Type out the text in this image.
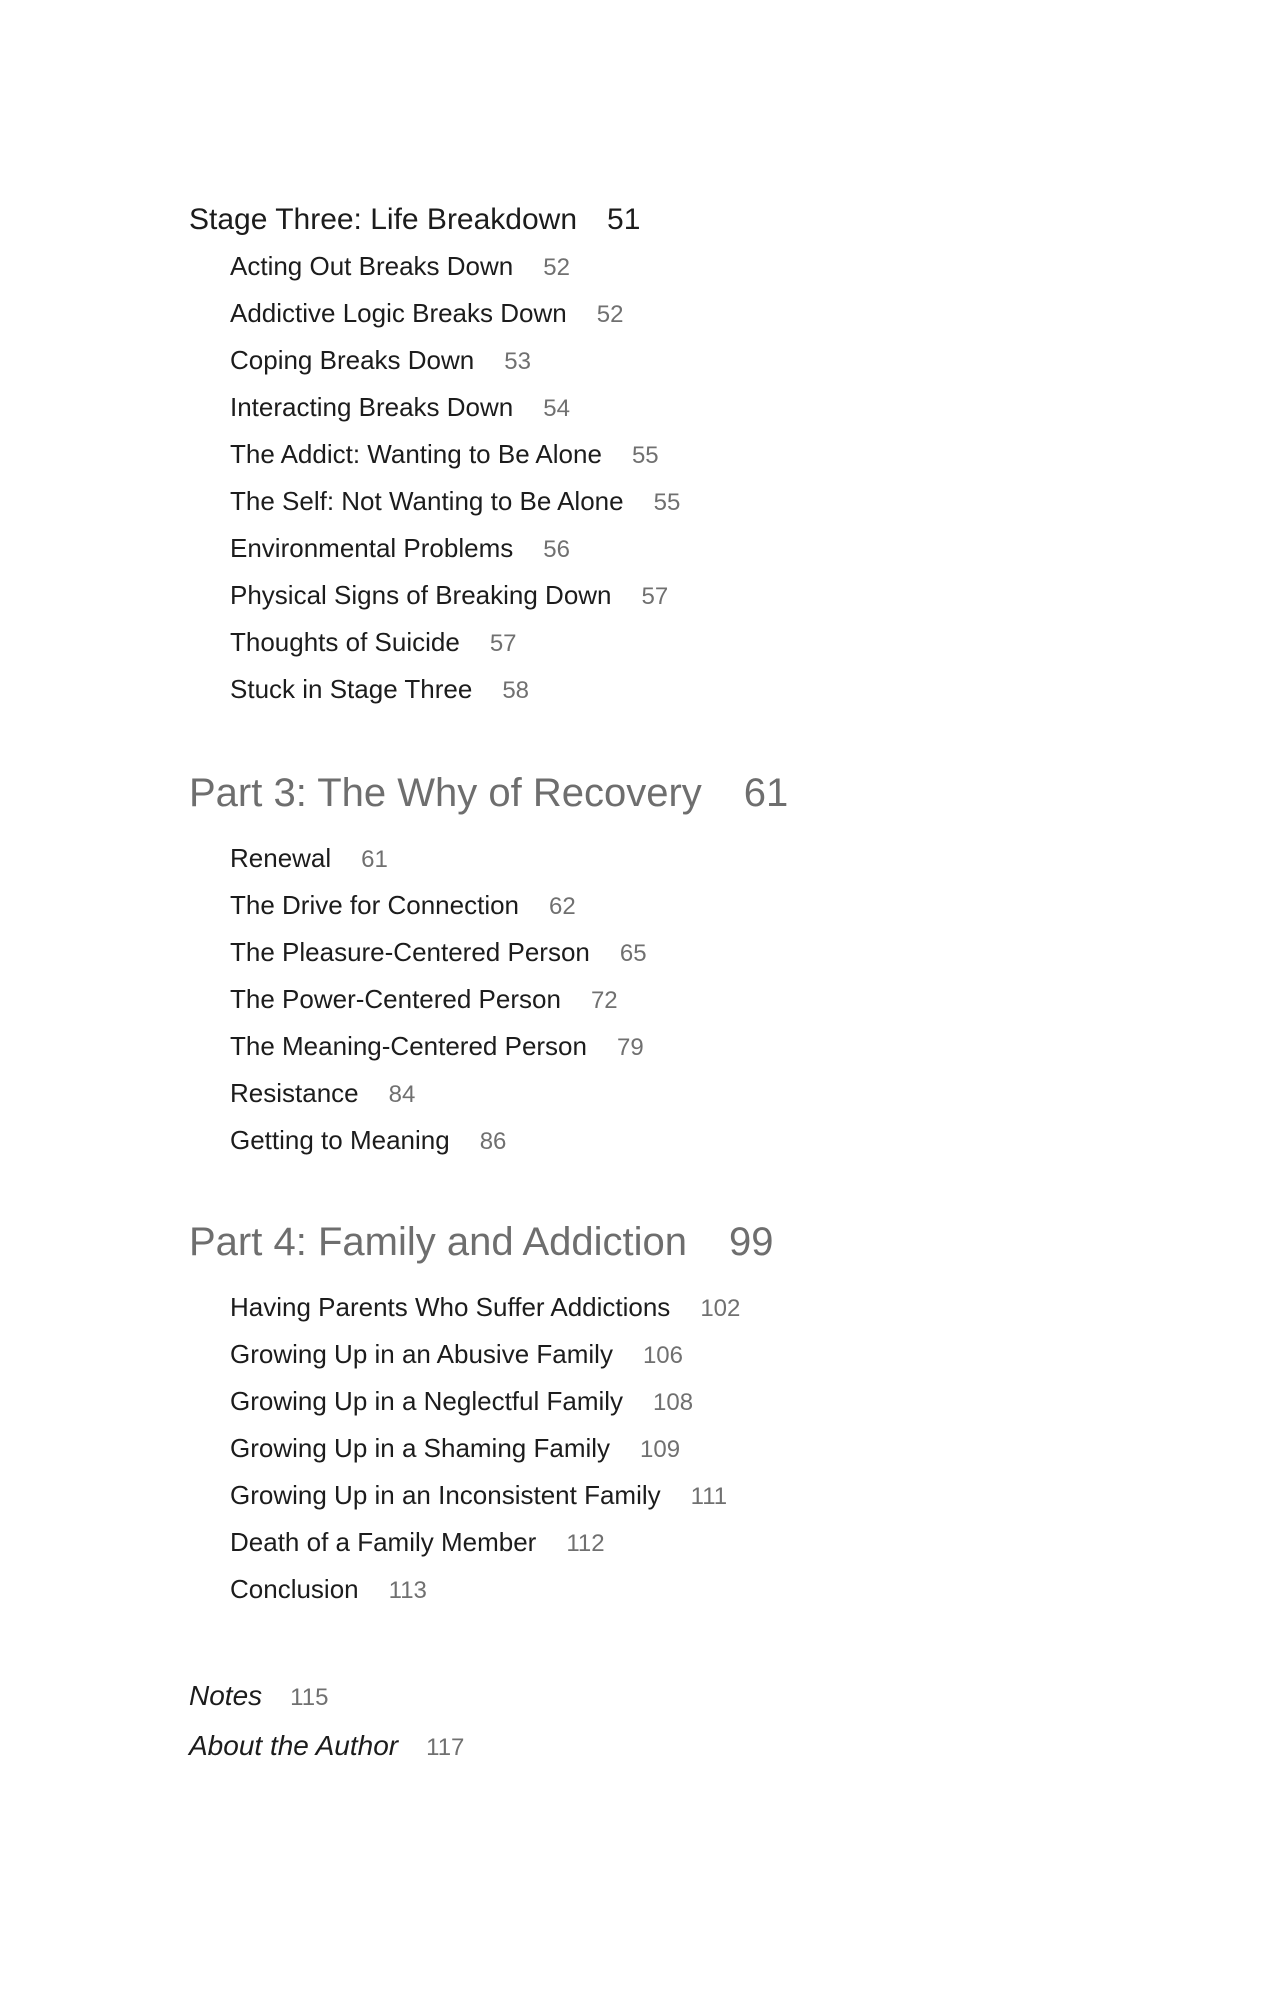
Stage Three: Life Breakdown 51
Acting Out Breaks Down 52
Addictive Logic Breaks Down 52
Coping Breaks Down 53
Interacting Breaks Down 54
The Addict: Wanting to Be Alone 55
The Self: Not Wanting to Be Alone 55
Environmental Problems 56
Physical Signs of Breaking Down 57
Thoughts of Suicide 57
Stuck in Stage Three 58
Part 3: The Why of Recovery 61
Renewal 61
The Drive for Connection 62
The Pleasure-Centered Person 65
The Power-Centered Person 72
The Meaning-Centered Person 79
Resistance 84
Getting to Meaning 86
Part 4: Family and Addiction 99
Having Parents Who Suffer Addictions 102
Growing Up in an Abusive Family 106
Growing Up in a Neglectful Family 108
Growing Up in a Shaming Family 109
Growing Up in an Inconsistent Family 111
Death of a Family Member 112
Conclusion 113
Notes 115
About the Author 117
